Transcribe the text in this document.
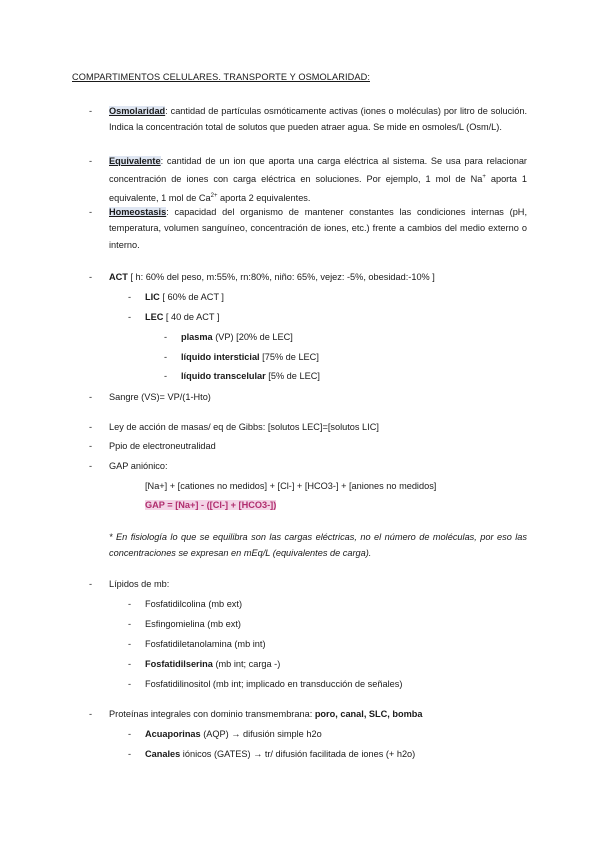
COMPARTIMENTOS CELULARES. TRANSPORTE Y OSMOLARIDAD:
- Osmolaridad: cantidad de partículas osmóticamente activas (iones o moléculas) por litro de solución. Indica la concentración total de solutos que pueden atraer agua. Se mide en osmoles/L (Osm/L).
- Equivalente: cantidad de un ion que aporta una carga eléctrica al sistema. Se usa para relacionar concentración de iones con carga eléctrica en soluciones. Por ejemplo, 1 mol de Na+ aporta 1 equivalente, 1 mol de $Ca^{2+}$ aporta 2 equivalentes.
- Homeostasis: capacidad del organismo de mantener constantes las condiciones internas (pH, temperatura, volumen sanguíneo, concentración de iones, etc.) frente a cambios del medio externo o interno.
- ACT [ h: 60% del peso, m:55%, rn:80%, niño: 65%, vejez: -5%, obesidad:-10% ]
- LIC [ 60% de ACT ]
- LEC [ 40 de ACT ]
- plasma (VP) [20% de LEC]
- líquido intersticial [75% de LEC]
- líquido transcelular [5% de LEC]
- Sangre (VS)= VP/(1-Hto)
- Ley de acción de masas/ eq de Gibbs: [solutos LEC]=[solutos LIC]
- Ppio de electroneutralidad
- GAP aniónico:
[Na+] + [cationes no medidos] + [Cl-] + [HCO3-] + [aniones no medidos]
GAP = [Na+] - ([Cl-] + [HCO3-])
* En fisiología lo que se equilibra son las cargas eléctricas, no el número de moléculas, por eso las concentraciones se expresan en mEq/L (equivalentes de carga).
- Lípidos de mb:
- Fosfatidilcolina (mb ext)
- Esfingomielina (mb ext)
- Fosfatidiletanolamina (mb int)
- Fosfatidilserina (mb int; carga -)
- Fosfatidilinositol (mb int; implicado en transducción de señales)
- Proteínas integrales con dominio transmembrana: poro, canal, SLC, bomba
- Acuaporinas (AQP) → difusión simple h2o
- Canales iónicos (GATES) → tr/ difusión facilitada de iones (+ h2o)
